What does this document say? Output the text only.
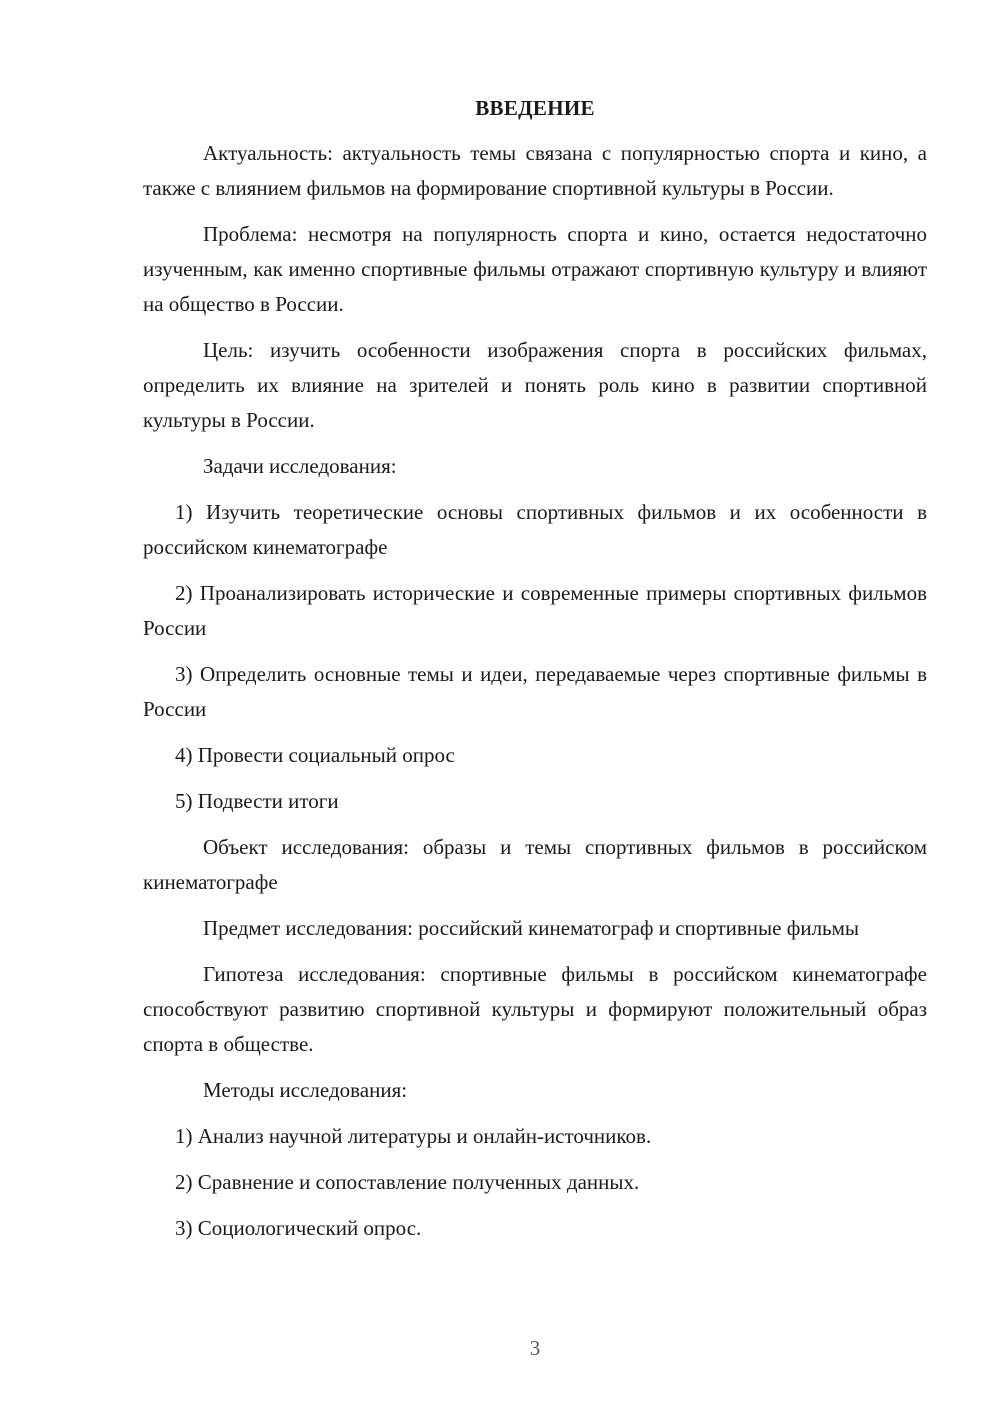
ВВЕДЕНИЕ

Актуальность: актуальность темы связана с популярностью спорта и кино, а также с влиянием фильмов на формирование спортивной культуры в России.

Проблема: несмотря на популярность спорта и кино, остается недостаточно изученным, как именно спортивные фильмы отражают спортивную культуру и влияют на общество в России.

Цель: изучить особенности изображения спорта в российских фильмах, определить их влияние на зрителей и понять роль кино в развитии спортивной культуры в России.

Задачи исследования:

1) Изучить теоретические основы спортивных фильмов и их особенности в российском кинематографе

2) Проанализировать исторические и современные примеры спортивных фильмов России

3) Определить основные темы и идеи, передаваемые через спортивные фильмы в России

4) Провести социальный опрос

5) Подвести итоги

Объект исследования: образы и темы спортивных фильмов в российском кинематографе

Предмет исследования: российский кинематограф и спортивные фильмы

Гипотеза исследования: спортивные фильмы в российском кинематографе способствуют развитию спортивной культуры и формируют положительный образ спорта в обществе.

Методы исследования:

1) Анализ научной литературы и онлайн-источников.

2) Сравнение и сопоставление полученных данных.

3) Социологический опрос.

3
